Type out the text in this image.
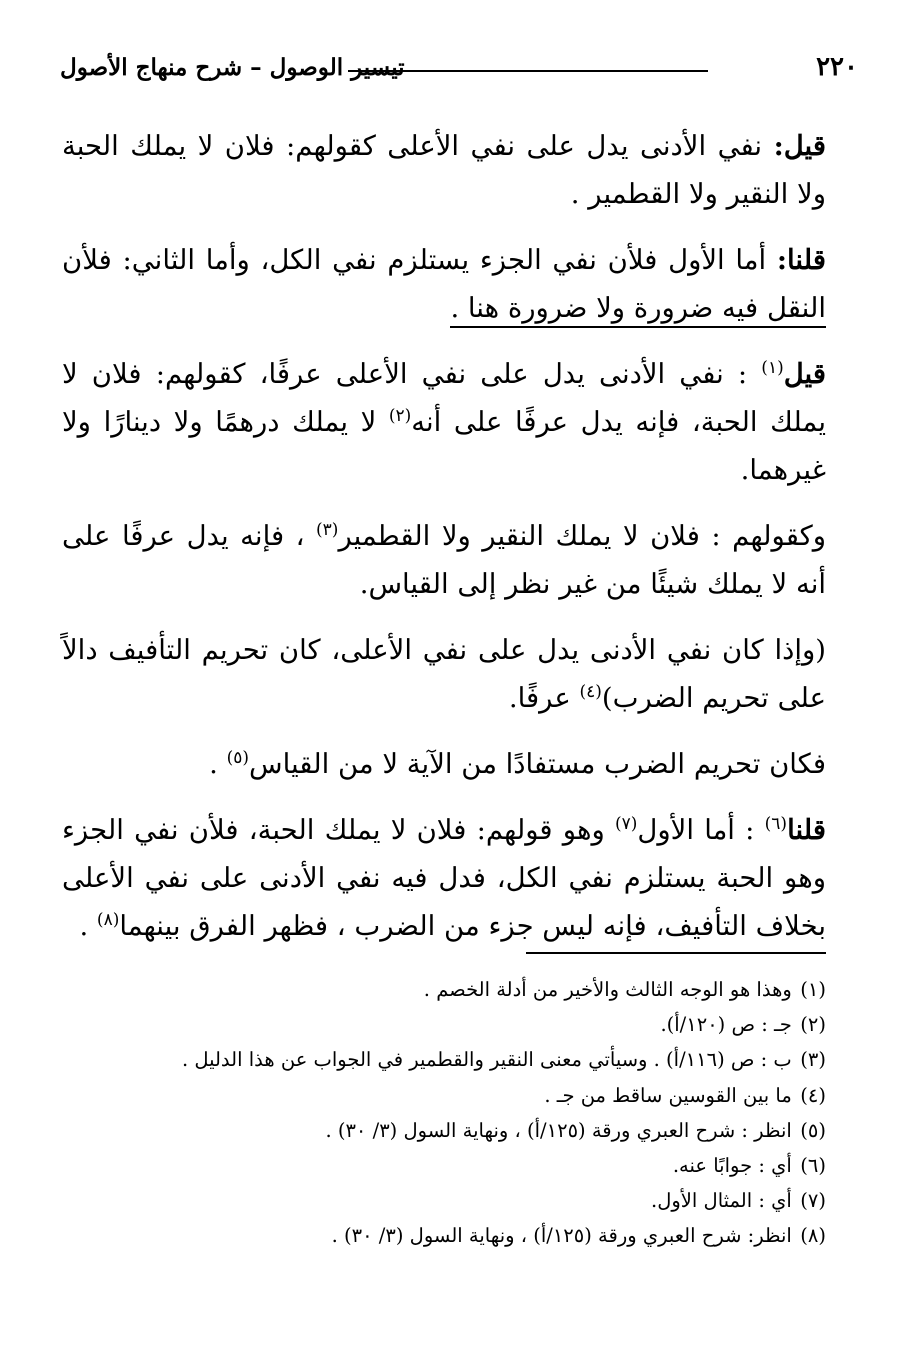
٢٢٠
تيسير الوصول – شرح منهاج الأصول

قيل: نفي الأدنى يدل على نفي الأعلى كقولهم: فلان لا يملك الحبة ولا النقير ولا القطمير .

قلنا: أما الأول فلأن نفي الجزء يستلزم نفي الكل، وأما الثاني: فلأن النقل فيه ضرورة ولا ضرورة هنا .

قيل$^{(١)}$ : نفي الأدنى يدل على نفي الأعلى عرفًا، كقولهم: فلان لا يملك الحبة، فإنه يدل عرفًا على أنه$^{(٢)}$ لا يملك درهمًا ولا دينارًا ولا غيرهما.

وكقولهم : فلان لا يملك النقير ولا القطمير$^{(٣)}$ ، فإنه يدل عرفًا على أنه لا يملك شيئًا من غير نظر إلى القياس.

(وإذا كان نفي الأدنى يدل على نفي الأعلى، كان تحريم التأفيف دالاً على تحريم الضرب)$^{(٤)}$ عرفًا.

فكان تحريم الضرب مستفادًا من الآية لا من القياس$^{(٥)}$ .

قلنا$^{(٦)}$ : أما الأول$^{(٧)}$ وهو قولهم: فلان لا يملك الحبة، فلأن نفي الجزء وهو الحبة يستلزم نفي الكل، فدل فيه نفي الأدنى على نفي الأعلى بخلاف التأفيف، فإنه ليس جزء من الضرب ، فظهر الفرق بينهما$^{(٨)}$ .

(١) وهذا هو الوجه الثالث والأخير من أدلة الخصم .

(٢) جـ : ص (١٢٠/أ).

(٣) ب : ص (١١٦/أ) . وسيأتي معنى النقير والقطمير في الجواب عن هذا الدليل .

(٤) ما بين القوسين ساقط من جـ .

(٥) انظر : شرح العبري ورقة (١٢٥/أ) ، ونهاية السول (٣/ ٣٠) .

(٦) أي : جوابًا عنه.

(٧) أي : المثال الأول.

(٨) انظر: شرح العبري ورقة (١٢٥/أ) ، ونهاية السول (٣/ ٣٠) .
